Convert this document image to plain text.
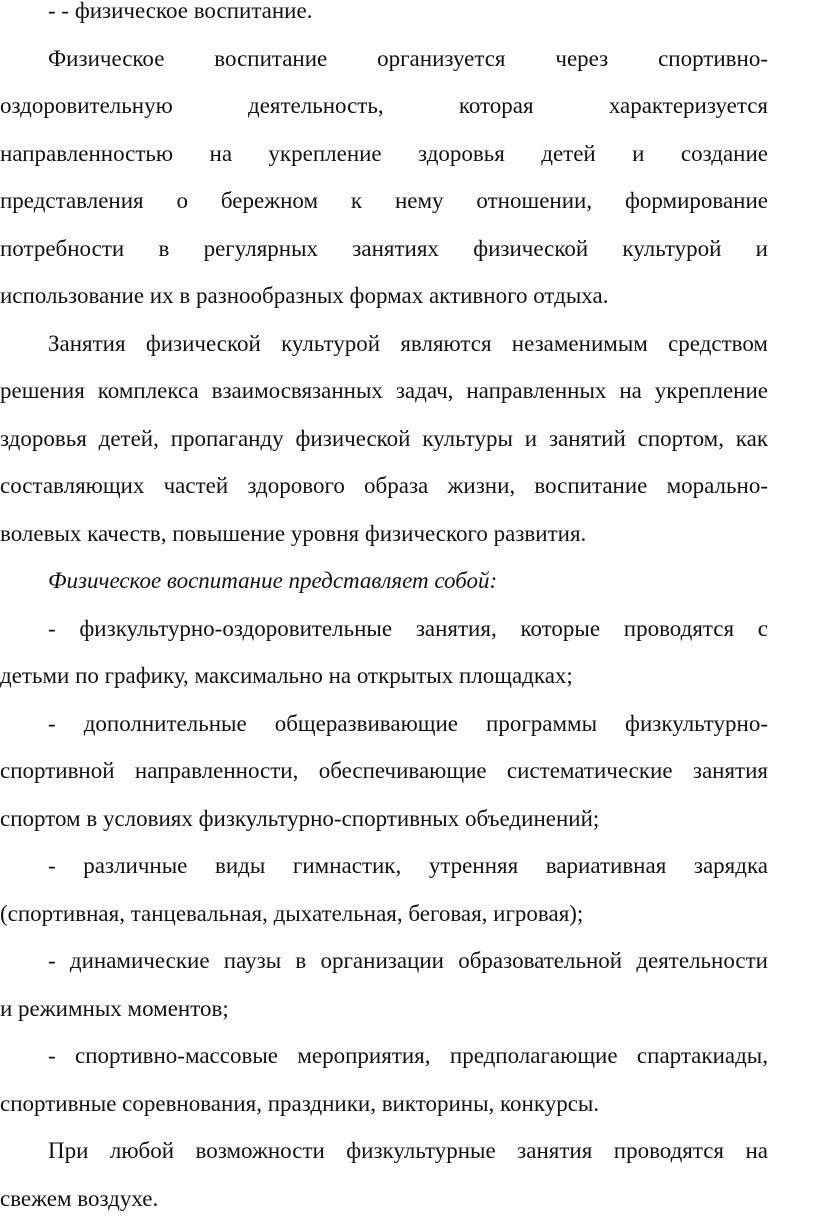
- - физическое воспитание.

Физическое воспитание организуется через спортивно-

оздоровительную деятельность, которая характеризуется

направленностью на укрепление здоровья детей и создание

представления о бережном к нему отношении, формирование

потребности в регулярных занятиях физической культурой и

использование их в разнообразных формах активного отдыха.

Занятия физической культурой являются незаменимым средством

решения комплекса взаимосвязанных задач, направленных на укрепление

здоровья детей, пропаганду физической культуры и занятий спортом, как

составляющих частей здорового образа жизни, воспитание морально-

волевых качеств, повышение уровня физического развития.

Физическое воспитание представляет собой:

- физкультурно-оздоровительные занятия, которые проводятся с

детьми по графику, максимально на открытых площадках;

- дополнительные общеразвивающие программы физкультурно-

спортивной направленности, обеспечивающие систематические занятия

спортом в условиях физкультурно-спортивных объединений;

- различные виды гимнастик, утренняя вариативная зарядка

(спортивная, танцевальная, дыхательная, беговая, игровая);

- динамические паузы в организации образовательной деятельности

и режимных моментов;

- спортивно-массовые мероприятия, предполагающие спартакиады,

спортивные соревнования, праздники, викторины, конкурсы.

При любой возможности физкультурные занятия проводятся на

свежем воздухе.
